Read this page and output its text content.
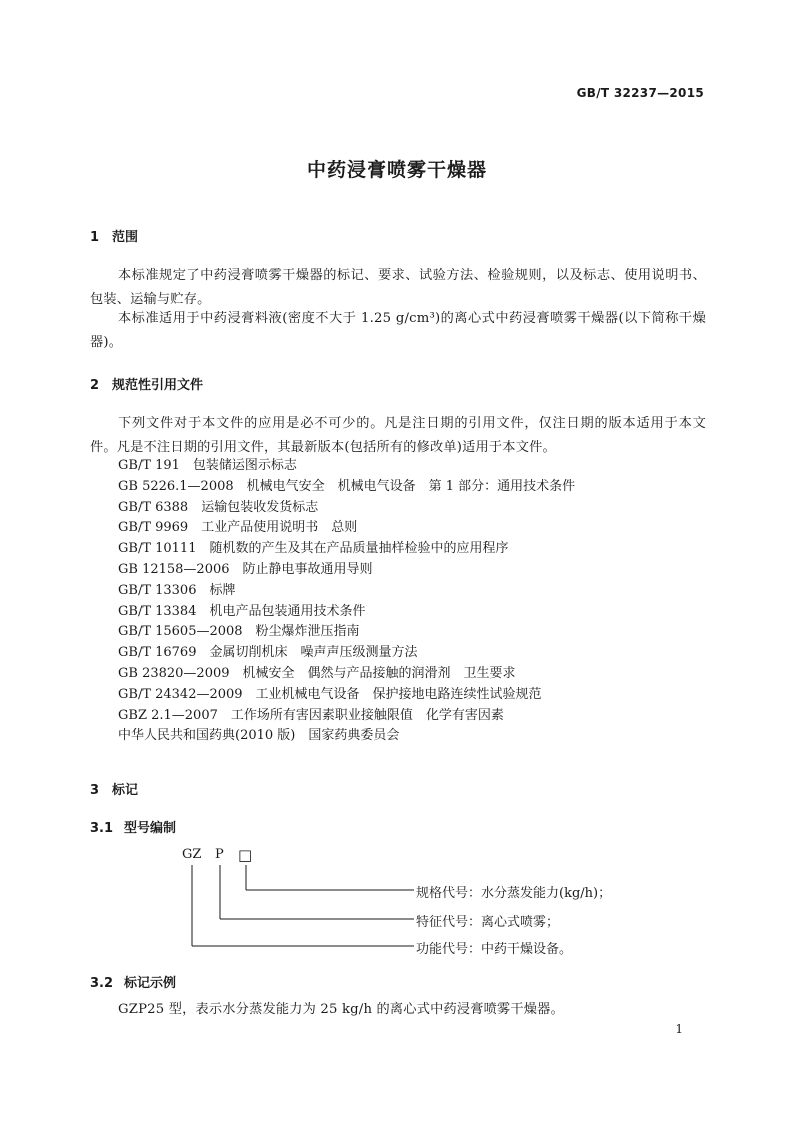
GB/T 32237—2015
中药浸膏喷雾干燥器
1 范围
本标准规定了中药浸膏喷雾干燥器的标记、要求、试验方法、检验规则，以及标志、使用说明书、包装、运输与贮存。
本标准适用于中药浸膏料液(密度不大于 1.25 g/cm³)的离心式中药浸膏喷雾干燥器(以下简称干燥器)。
2 规范性引用文件
下列文件对于本文件的应用是必不可少的。凡是注日期的引用文件，仅注日期的版本适用于本文件。凡是不注日期的引用文件，其最新版本(包括所有的修改单)适用于本文件。
GB/T 191　包装储运图示标志
GB 5226.1—2008　机械电气安全　机械电气设备　第 1 部分：通用技术条件
GB/T 6388　运输包装收发货标志
GB/T 9969　工业产品使用说明书　总则
GB/T 10111　随机数的产生及其在产品质量抽样检验中的应用程序
GB 12158—2006　防止静电事故通用导则
GB/T 13306　标牌
GB/T 13384　机电产品包装通用技术条件
GB/T 15605—2008　粉尘爆炸泄压指南
GB/T 16769　金属切削机床　噪声声压级测量方法
GB 23820—2009　机械安全　偶然与产品接触的润滑剂　卫生要求
GB/T 24342—2009　工业机械电气设备　保护接地电路连续性试验规范
GBZ 2.1—2007　工作场所有害因素职业接触限值　化学有害因素
中华人民共和国药典(2010 版)　国家药典委员会
3 标记
3.1 型号编制
GZ P □
规格代号：水分蒸发能力(kg/h)；
特征代号：离心式喷雾；
功能代号：中药干燥设备。
3.2 标记示例
GZP25 型，表示水分蒸发能力为 25 kg/h 的离心式中药浸膏喷雾干燥器。
1
